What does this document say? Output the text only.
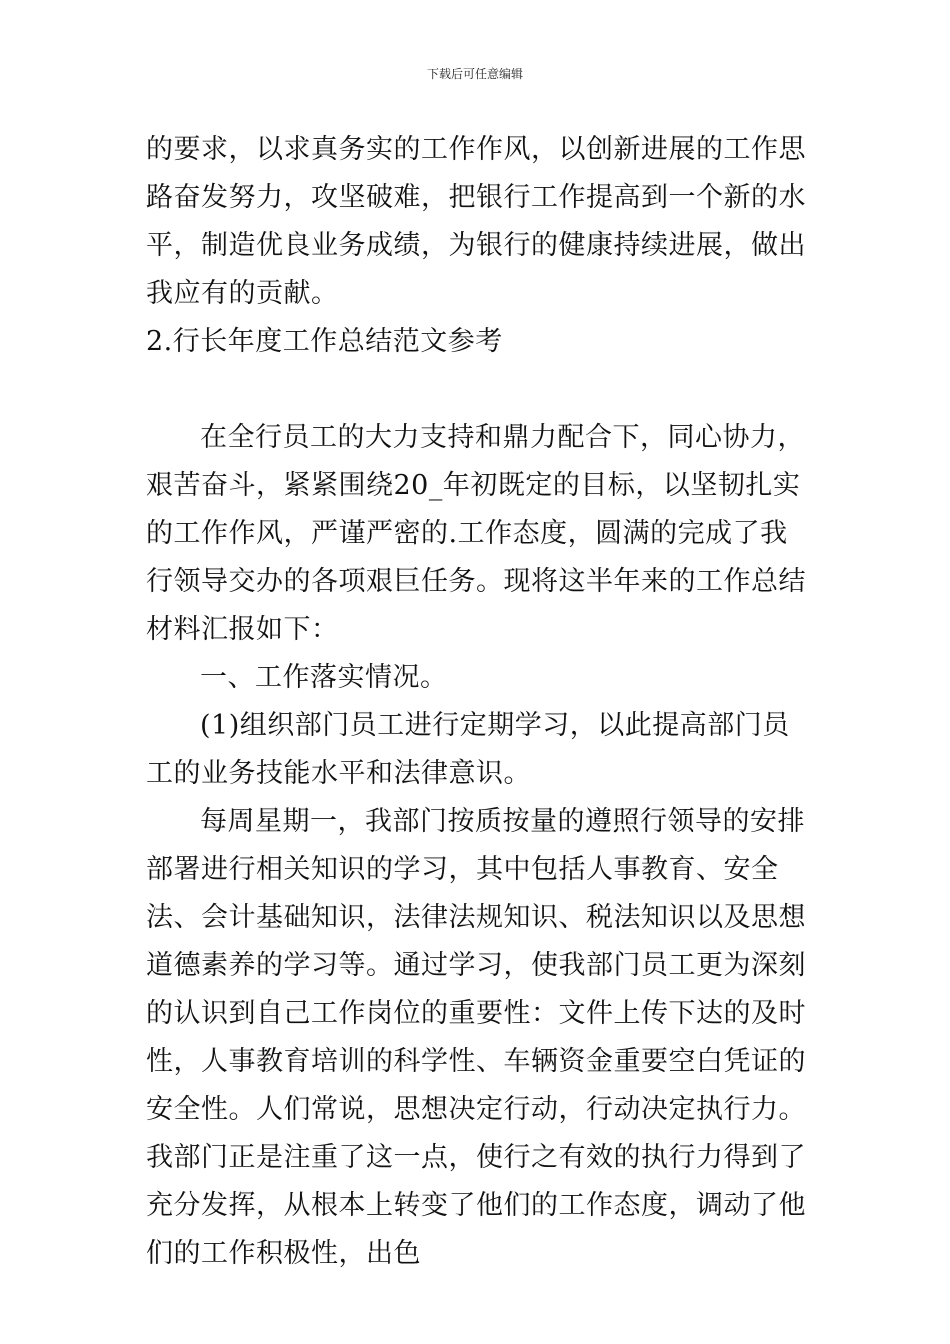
下载后可任意编辑

的要求，以求真务实的工作作风，以创新进展的工作思路奋发努力，攻坚破难，把银行工作提高到一个新的水平，制造优良业务成绩，为银行的健康持续进展，做出我应有的贡献。

2.行长年度工作总结范文参考

在全行员工的大力支持和鼎力配合下，同心协力，艰苦奋斗，紧紧围绕20_年初既定的目标，以坚韧扎实的工作作风，严谨严密的.工作态度，圆满的完成了我行领导交办的各项艰巨任务。现将这半年来的工作总结材料汇报如下：

一、工作落实情况。

(1)组织部门员工进行定期学习，以此提高部门员工的业务技能水平和法律意识。

每周星期一，我部门按质按量的遵照行领导的安排部署进行相关知识的学习，其中包括人事教育、安全法、会计基础知识，法律法规知识、税法知识以及思想道德素养的学习等。通过学习，使我部门员工更为深刻的认识到自己工作岗位的重要性：文件上传下达的及时性，人事教育培训的科学性、车辆资金重要空白凭证的安全性。人们常说，思想决定行动，行动决定执行力。我部门正是注重了这一点，使行之有效的执行力得到了充分发挥，从根本上转变了他们的工作态度，调动了他们的工作积极性，出色
